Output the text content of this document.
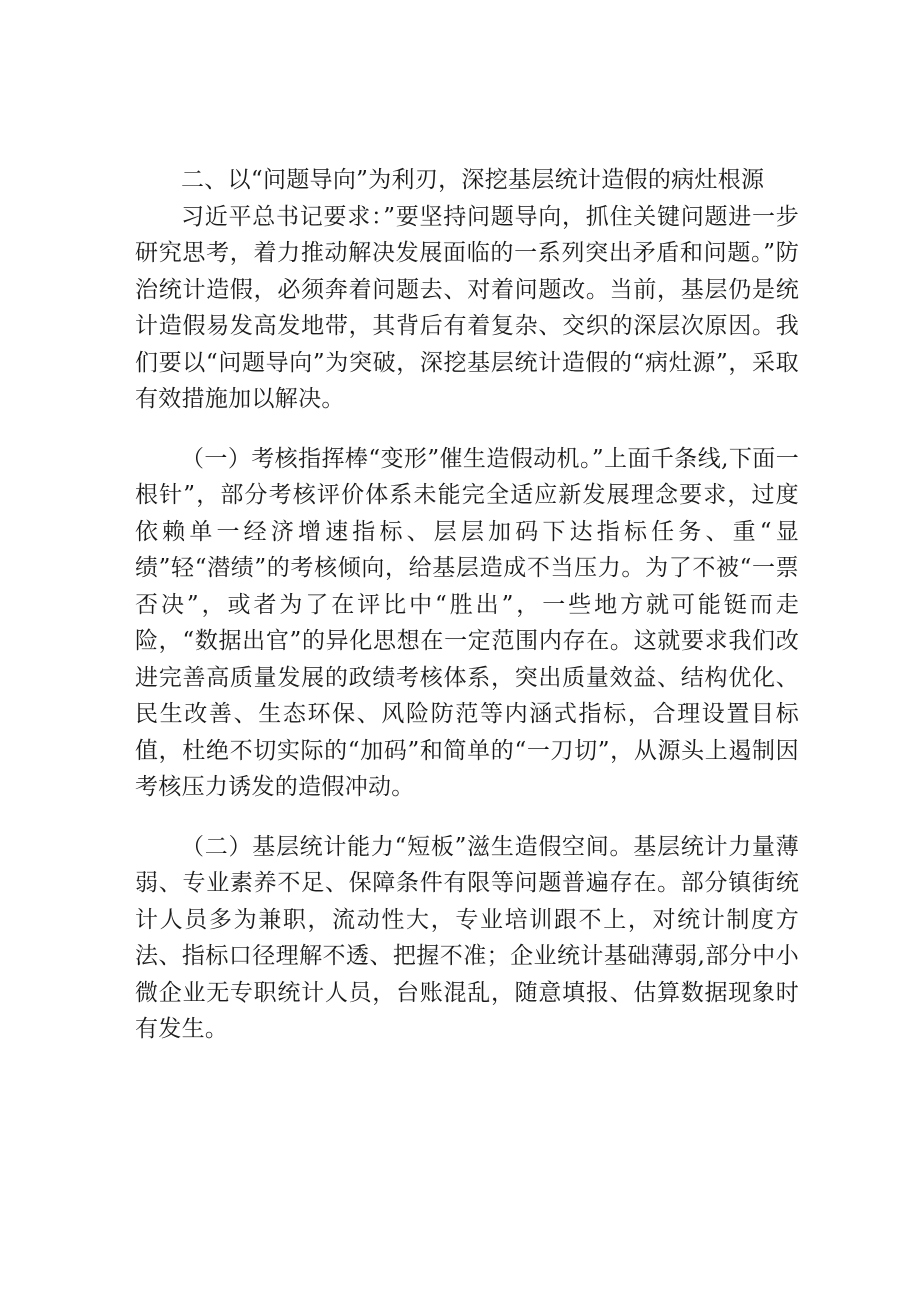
二、以“问题导向”为利刃，深挖基层统计造假的病灶根源

习近平总书记要求：”要坚持问题导向，抓住关键问题进一步研究思考，着力推动解决发展面临的一系列突出矛盾和问题。”防治统计造假，必须奔着问题去、对着问题改。当前，基层仍是统计造假易发高发地带，其背后有着复杂、交织的深层次原因。我们要以“问题导向”为突破，深挖基层统计造假的“病灶源”，采取有效措施加以解决。

（一）考核指挥棒“变形”催生造假动机。”上面千条线,下面一根针”，部分考核评价体系未能完全适应新发展理念要求，过度依赖单一经济增速指标、层层加码下达指标任务、重“显绩”轻“潜绩”的考核倾向，给基层造成不当压力。为了不被“一票否决”，或者为了在评比中“胜出”，一些地方就可能铤而走险，“数据出官”的异化思想在一定范围内存在。这就要求我们改进完善高质量发展的政绩考核体系，突出质量效益、结构优化、民生改善、生态环保、风险防范等内涵式指标，合理设置目标值，杜绝不切实际的“加码”和简单的“一刀切”，从源头上遏制因考核压力诱发的造假冲动。

（二）基层统计能力“短板”滋生造假空间。基层统计力量薄弱、专业素养不足、保障条件有限等问题普遍存在。部分镇街统计人员多为兼职，流动性大，专业培训跟不上，对统计制度方法、指标口径理解不透、把握不准；企业统计基础薄弱,部分中小微企业无专职统计人员，台账混乱，随意填报、估算数据现象时有发生。
